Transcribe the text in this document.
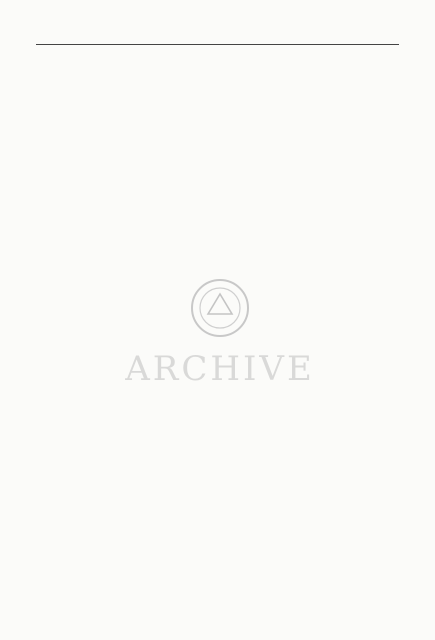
ARCHIVE
